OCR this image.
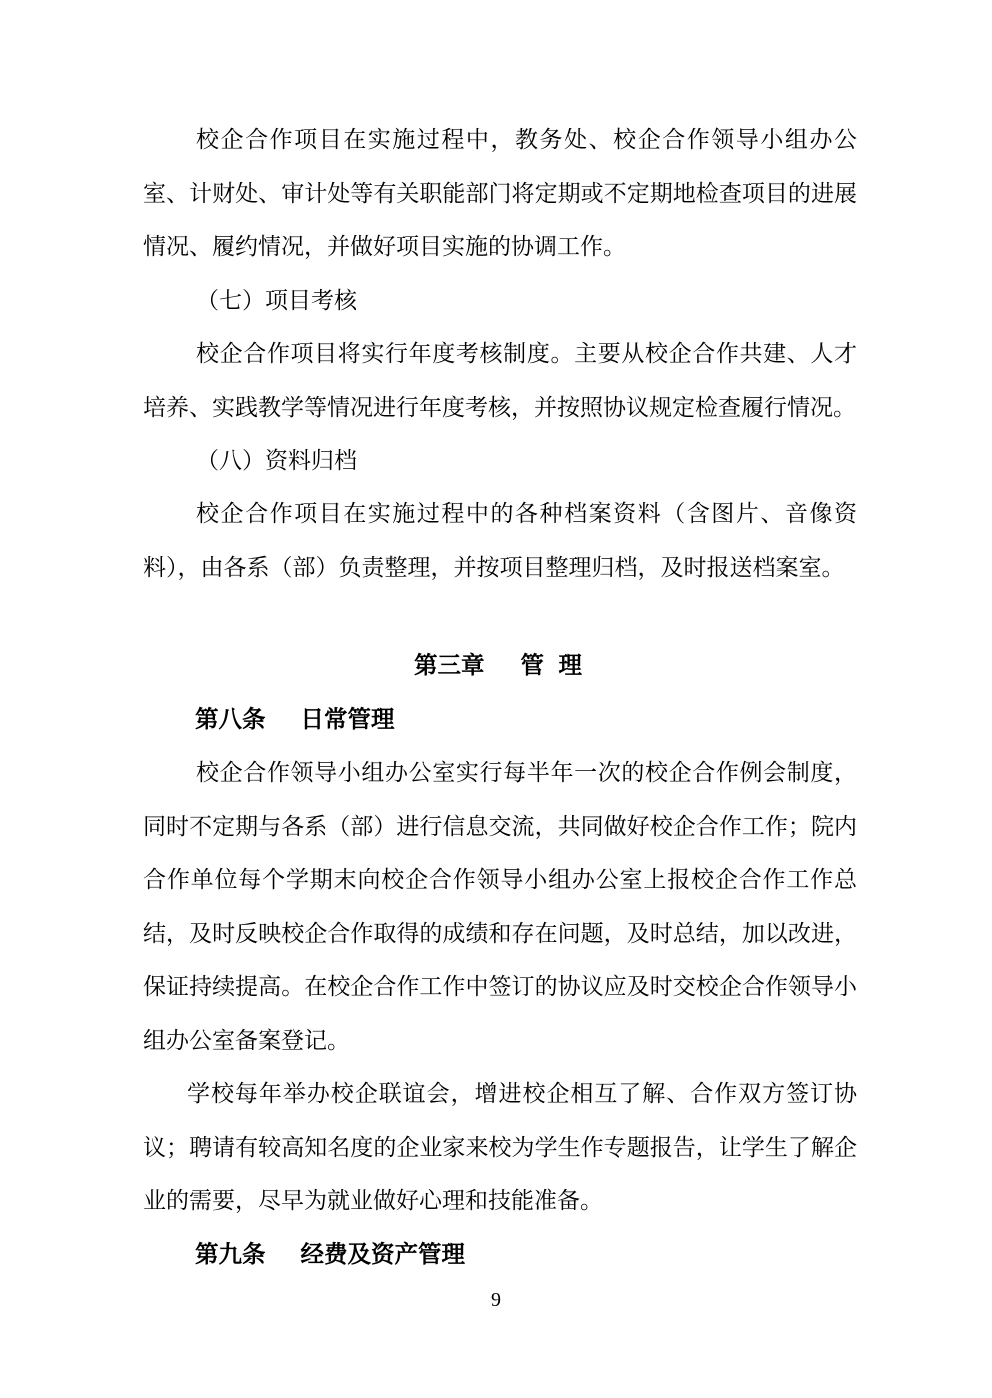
校企合作项目在实施过程中，教务处、校企合作领导小组办公室、计财处、审计处等有关职能部门将定期或不定期地检查项目的进展情况、履约情况，并做好项目实施的协调工作。

（七）项目考核

校企合作项目将实行年度考核制度。主要从校企合作共建、人才培养、实践教学等情况进行年度考核，并按照协议规定检查履行情况。

（八）资料归档

校企合作项目在实施过程中的各种档案资料（含图片、音像资料），由各系（部）负责整理，并按项目整理归档，及时报送档案室。

第三章 管 理
第八条 日常管理

校企合作领导小组办公室实行每半年一次的校企合作例会制度，同时不定期与各系（部）进行信息交流，共同做好校企合作工作；院内合作单位每个学期末向校企合作领导小组办公室上报校企合作工作总结，及时反映校企合作取得的成绩和存在问题，及时总结，加以改进，保证持续提高。在校企合作工作中签订的协议应及时交校企合作领导小组办公室备案登记。

学校每年举办校企联谊会，增进校企相互了解、合作双方签订协议；聘请有较高知名度的企业家来校为学生作专题报告，让学生了解企业的需要，尽早为就业做好心理和技能准备。

第九条 经费及资产管理
9
